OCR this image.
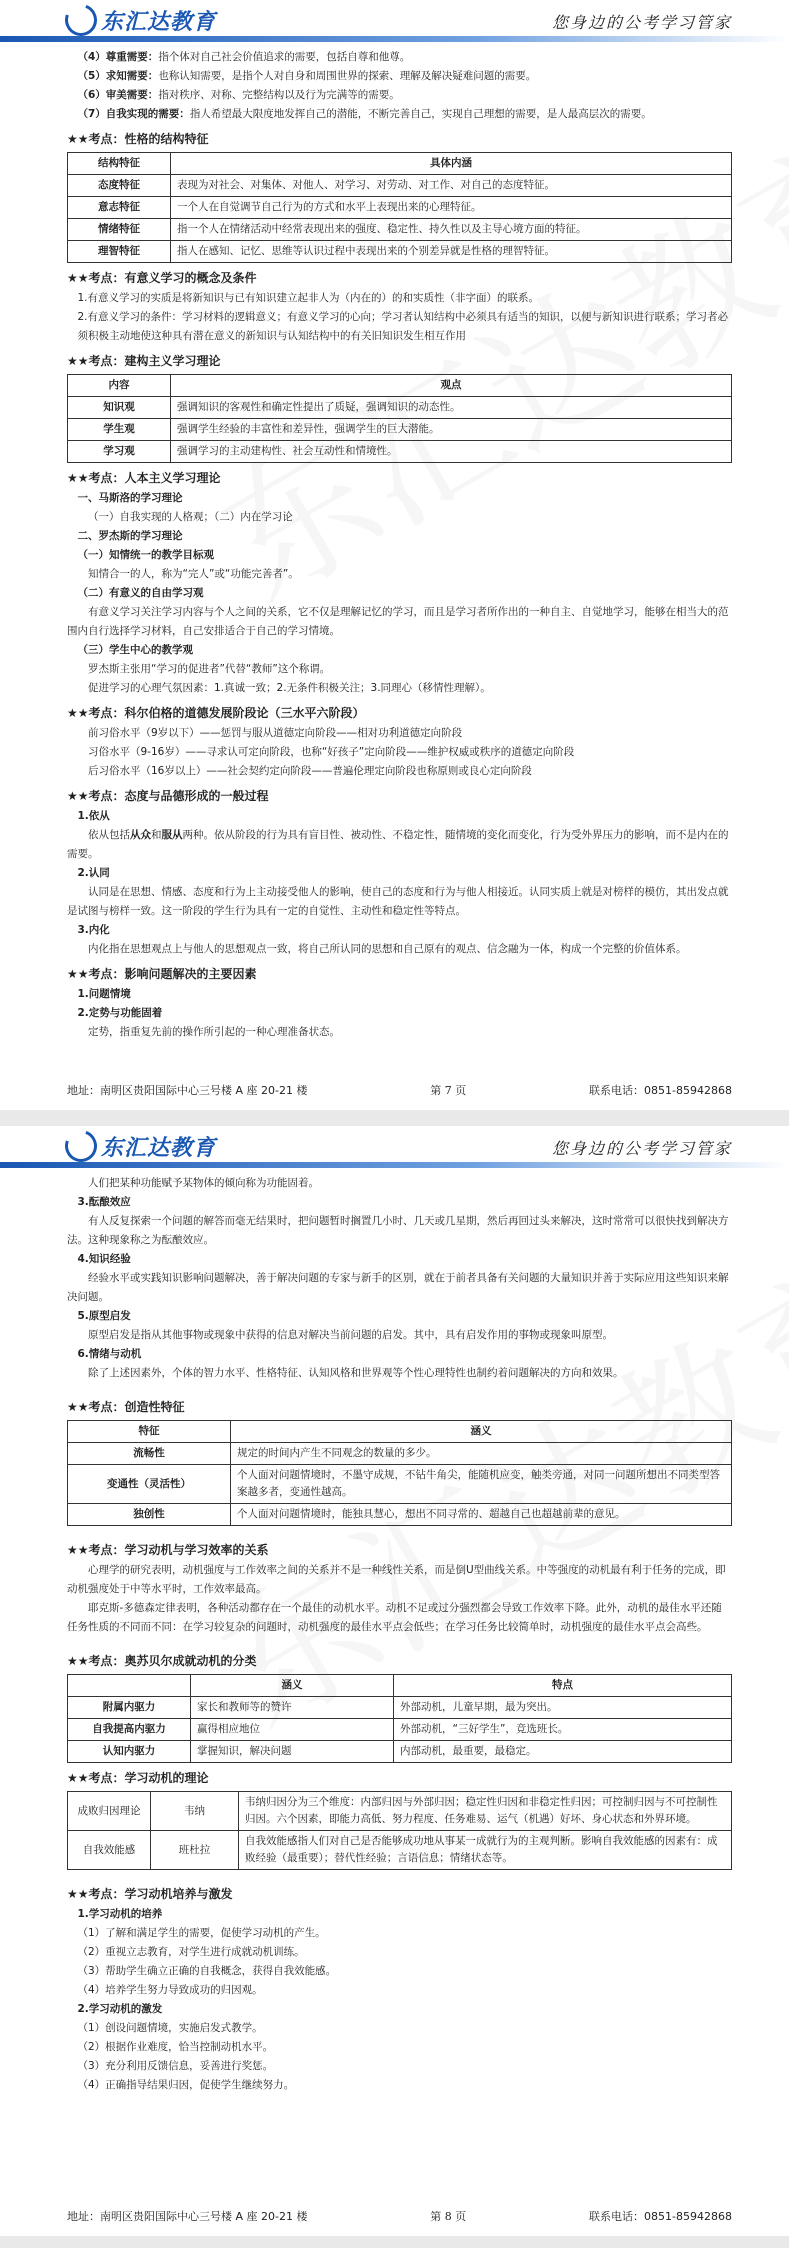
东汇达教育	您身边的公考学习管家

（4）尊重需要：指个体对自己社会价值追求的需要，包括自尊和他尊。

（5）求知需要：也称认知需要，是指个人对自身和周围世界的探索、理解及解决疑难问题的需要。

（6）审美需要：指对秩序、对称、完整结构以及行为完满等的需要。

（7）自我实现的需要：指人希望最大限度地发挥自己的潜能，不断完善自己，实现自己理想的需要，是人最高层次的需要。

★★考点：性格的结构特征

结构特征	具体内涵
态度特征	表现为对社会、对集体、对他人、对学习、对劳动、对工作、对自己的态度特征。
意志特征	一个人在自觉调节自己行为的方式和水平上表现出来的心理特征。
情绪特征	指一个人在情绪活动中经常表现出来的强度、稳定性、持久性以及主导心境方面的特征。
理智特征	指人在感知、记忆、思维等认识过程中表现出来的个别差异就是性格的理智特征。

★★考点：有意义学习的概念及条件

1.有意义学习的实质是将新知识与已有知识建立起非人为（内在的）的和实质性（非字面）的联系。

2.有意义学习的条件：学习材料的逻辑意义；有意义学习的心向；学习者认知结构中必须具有适当的知识，以便与新知识进行联系；学习者必须积极主动地使这种具有潜在意义的新知识与认知结构中的有关旧知识发生相互作用

★★考点：建构主义学习理论

内容	观点
知识观	强调知识的客观性和确定性提出了质疑，强调知识的动态性。
学生观	强调学生经验的丰富性和差异性，强调学生的巨大潜能。
学习观	强调学习的主动建构性、社会互动性和情境性。

★★考点：人本主义学习理论

一、马斯洛的学习理论

（一）自我实现的人格观；（二）内在学习论

二、罗杰斯的学习理论

（一）知情统一的教学目标观

知情合一的人，称为“完人”或“功能完善者”。

（二）有意义的自由学习观

有意义学习关注学习内容与个人之间的关系，它不仅是理解记忆的学习，而且是学习者所作出的一种自主、自觉地学习，能够在相当大的范围内自行选择学习材料，自己安排适合于自己的学习情境。

（三）学生中心的教学观

罗杰斯主张用“学习的促进者”代替“教师”这个称谓。

促进学习的心理气氛因素：1.真诚一致；2.无条件积极关注；3.同理心（移情性理解）。

★★考点：科尔伯格的道德发展阶段论（三水平六阶段）

前习俗水平（9岁以下）——惩罚与服从道德定向阶段——相对功利道德定向阶段

习俗水平（9-16岁）——寻求认可定向阶段，也称“好孩子”定向阶段——维护权威或秩序的道德定向阶段

后习俗水平（16岁以上）——社会契约定向阶段——普遍伦理定向阶段也称原则或良心定向阶段

★★考点：态度与品德形成的一般过程

1.依从

依从包括从众和服从两种。依从阶段的行为具有盲目性、被动性、不稳定性，随情境的变化而变化，行为受外界压力的影响，而不是内在的需要。

2.认同

认同是在思想、情感、态度和行为上主动接受他人的影响，使自己的态度和行为与他人相接近。认同实质上就是对榜样的模仿，其出发点就是试图与榜样一致。这一阶段的学生行为具有一定的自觉性、主动性和稳定性等特点。

3.内化

内化指在思想观点上与他人的思想观点一致，将自己所认同的思想和自己原有的观点、信念融为一体，构成一个完整的价值体系。

★★考点：影响问题解决的主要因素

1.问题情境

2.定势与功能固着

定势，指重复先前的操作所引起的一种心理准备状态。

地址：南明区贵阳国际中心三号楼 A 座 20-21 楼	第 7 页	联系电话：0851-85942868
东汇达教育	您身边的公考学习管家

人们把某种功能赋予某物体的倾向称为功能固着。

3.酝酿效应

有人反复探索一个问题的解答而毫无结果时，把问题暂时搁置几小时、几天或几星期，然后再回过头来解决，这时常常可以很快找到解决方法。这种现象称之为酝酿效应。

4.知识经验

经验水平或实践知识影响问题解决，善于解决问题的专家与新手的区别，就在于前者具备有关问题的大量知识并善于实际应用这些知识来解决问题。

5.原型启发

原型启发是指从其他事物或现象中获得的信息对解决当前问题的启发。其中，具有启发作用的事物或现象叫原型。

6.情绪与动机

除了上述因素外，个体的智力水平、性格特征、认知风格和世界观等个性心理特性也制约着问题解决的方向和效果。

★★考点：创造性特征

特征	涵义
流畅性	规定的时间内产生不同观念的数量的多少。
变通性（灵活性）	个人面对问题情境时，不墨守成规，不钻牛角尖，能随机应变，触类旁通，对同一问题所想出不同类型答案越多者，变通性越高。
独创性	个人面对问题情境时，能独具慧心，想出不同寻常的、超越自己也超越前辈的意见。

★★考点：学习动机与学习效率的关系

心理学的研究表明，动机强度与工作效率之间的关系并不是一种线性关系，而是倒U型曲线关系。中等强度的动机最有利于任务的完成，即动机强度处于中等水平时，工作效率最高。

耶克斯-多德森定律表明，各种活动都存在一个最佳的动机水平。动机不足或过分强烈都会导致工作效率下降。此外，动机的最佳水平还随任务性质的不同而不同：在学习较复杂的问题时，动机强度的最佳水平点会低些；在学习任务比较简单时，动机强度的最佳水平点会高些。

★★考点：奥苏贝尔成就动机的分类

	涵义	特点
附属内驱力	家长和教师等的赞许	外部动机，儿童早期，最为突出。
自我提高内驱力	赢得相应地位	外部动机，“三好学生”，竞选班长。
认知内驱力	掌握知识，解决问题	内部动机，最重要，最稳定。

★★考点：学习动机的理论

成败归因理论	韦纳	韦纳归因分为三个维度：内部归因与外部归因；稳定性归因和非稳定性归因；可控制归因与不可控制性归因。六个因素，即能力高低、努力程度、任务难易、运气（机遇）好坏、身心状态和外界环境。
自我效能感	班杜拉	自我效能感指人们对自己是否能够成功地从事某一成就行为的主观判断。影响自我效能感的因素有：成败经验（最重要）；替代性经验；言语信息；情绪状态等。

★★考点：学习动机培养与激发

1.学习动机的培养

（1）了解和满足学生的需要，促使学习动机的产生。

（2）重视立志教育，对学生进行成就动机训练。

（3）帮助学生确立正确的自我概念，获得自我效能感。

（4）培养学生努力导致成功的归因观。

2.学习动机的激发

（1）创设问题情境，实施启发式教学。

（2）根据作业难度，恰当控制动机水平。

（3）充分利用反馈信息，妥善进行奖惩。

（4）正确指导结果归因，促使学生继续努力。

地址：南明区贵阳国际中心三号楼 A 座 20-21 楼	第 8 页	联系电话：0851-85942868
